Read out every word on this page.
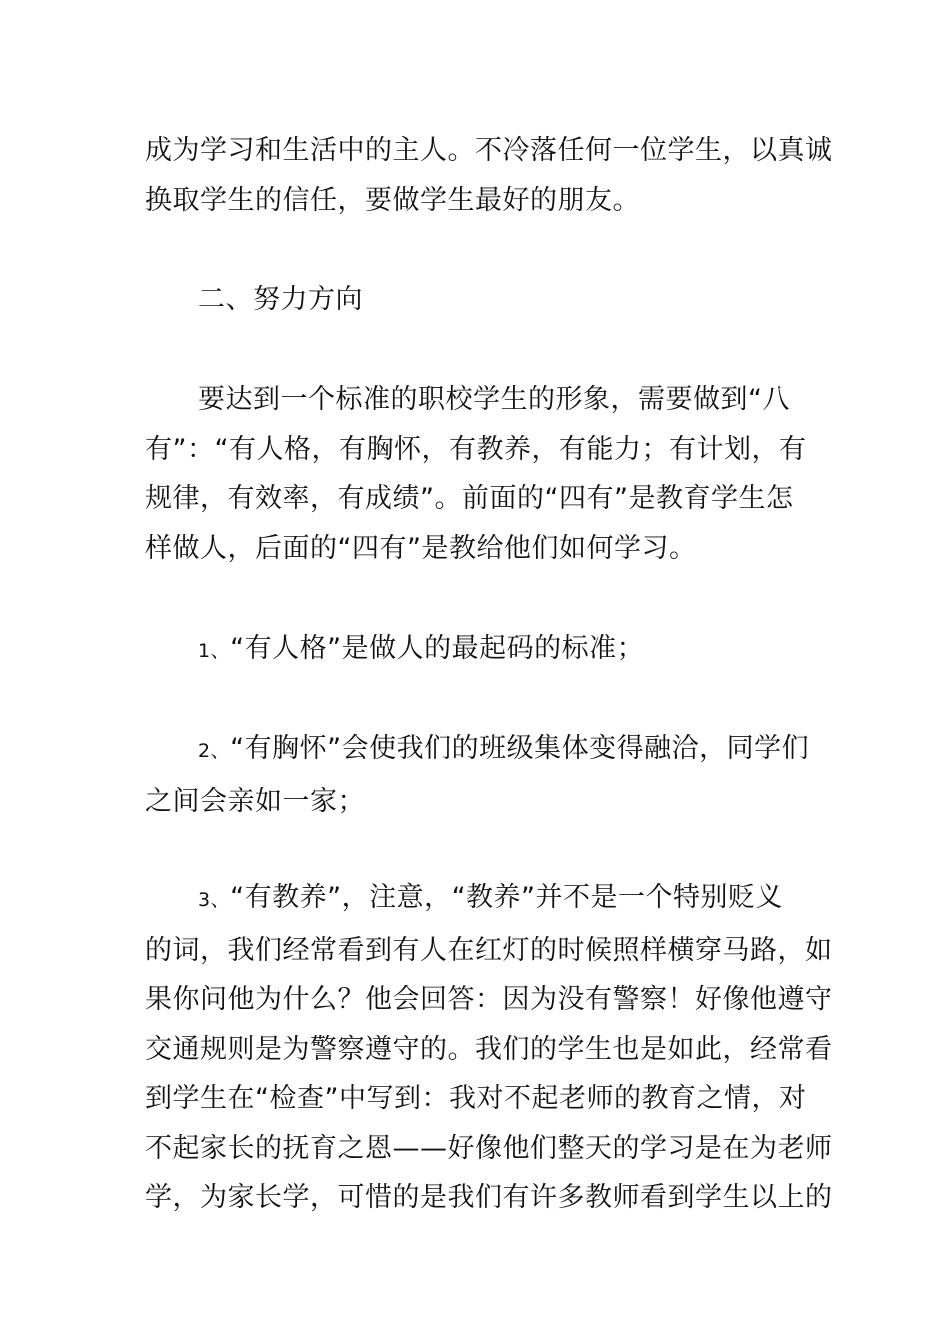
成为学习和生活中的主人。不冷落任何一位学生，以真诚
换取学生的信任，要做学生最好的朋友。

二、努力方向

要达到一个标准的职校学生的形象，需要做到“八
有”：“有人格，有胸怀，有教养，有能力；有计划，有
规律，有效率，有成绩”。前面的“四有”是教育学生怎
样做人，后面的“四有”是教给他们如何学习。

1、“有人格”是做人的最起码的标准；

2、“有胸怀”会使我们的班级集体变得融洽，同学们
之间会亲如一家；

3、“有教养”，注意，“教养”并不是一个特别贬义
的词，我们经常看到有人在红灯的时候照样横穿马路，如
果你问他为什么？他会回答：因为没有警察！好像他遵守
交通规则是为警察遵守的。我们的学生也是如此，经常看
到学生在“检查”中写到：我对不起老师的教育之情，对
不起家长的抚育之恩——好像他们整天的学习是在为老师
学，为家长学，可惜的是我们有许多教师看到学生以上的
